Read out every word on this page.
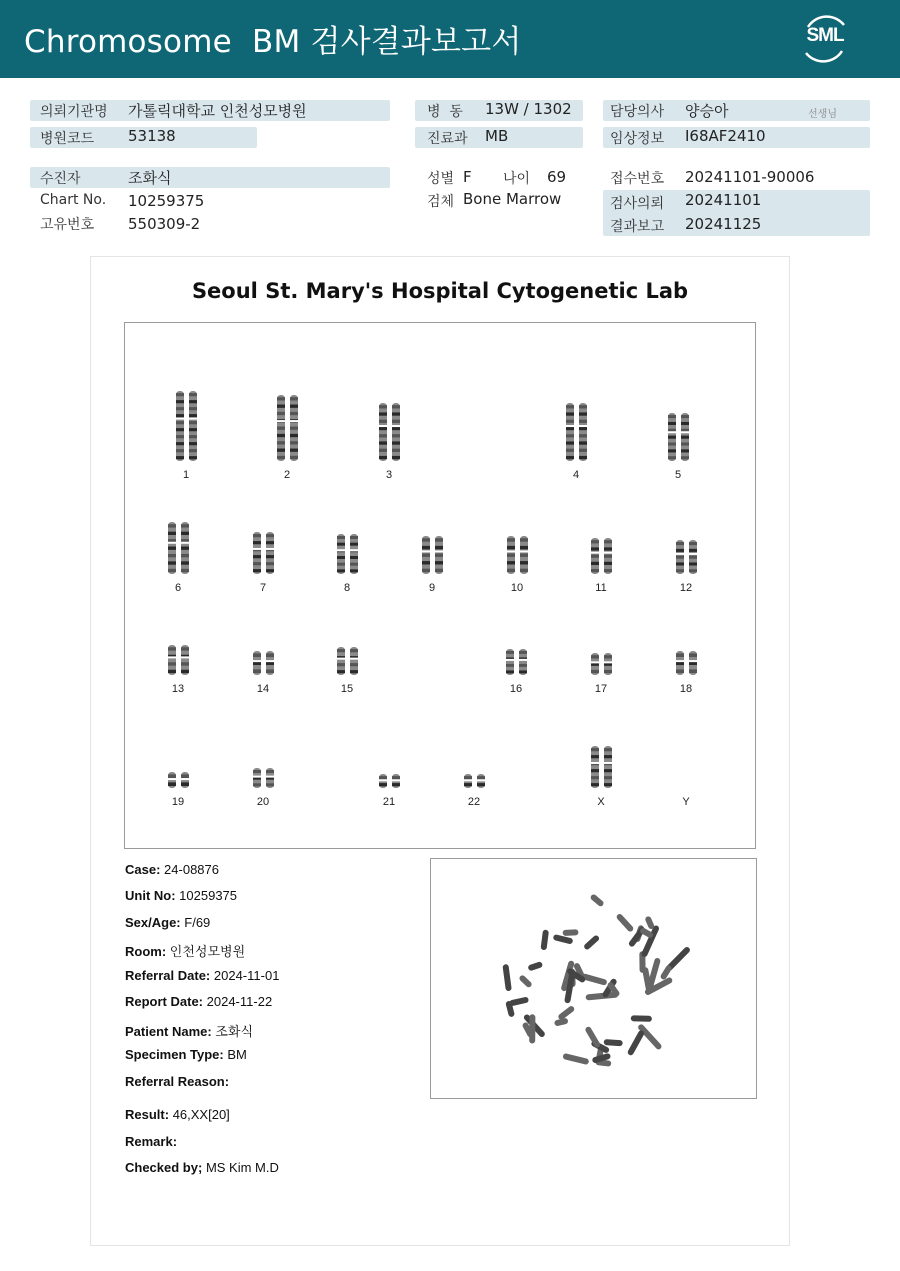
Chromosome  BM 검사결과보고서	SML
의뢰기관명 가톨릭대학교 인천성모병원
병원코드 53138
병  동 13W / 1302
진료과 MB
담당의사 양승아	선생님
임상정보 I68AF2410
수진자	조화식
Chart No. 10259375
고유번호 550309-2
성별 F 나이 69
검체 Bone Marrow
접수번호 20241101-90006
검사의뢰 20241101
결과보고 20241125
Seoul St. Mary's Hospital Cytogenetic Lab
1	2	3	4	5
6	7	8	9	10	11	12
13	14	15	16	17	18
19	20	21	22	X	Y
Case: 24-08876
Unit No: 10259375
Sex/Age: F/69
Room: 인천성모병원
Referral Date: 2024-11-01
Report Date: 2024-11-22
Patient Name: 조화식
Specimen Type: BM
Referral Reason:
Result: 46,XX[20]
Remark:
Checked by; MS Kim M.D
